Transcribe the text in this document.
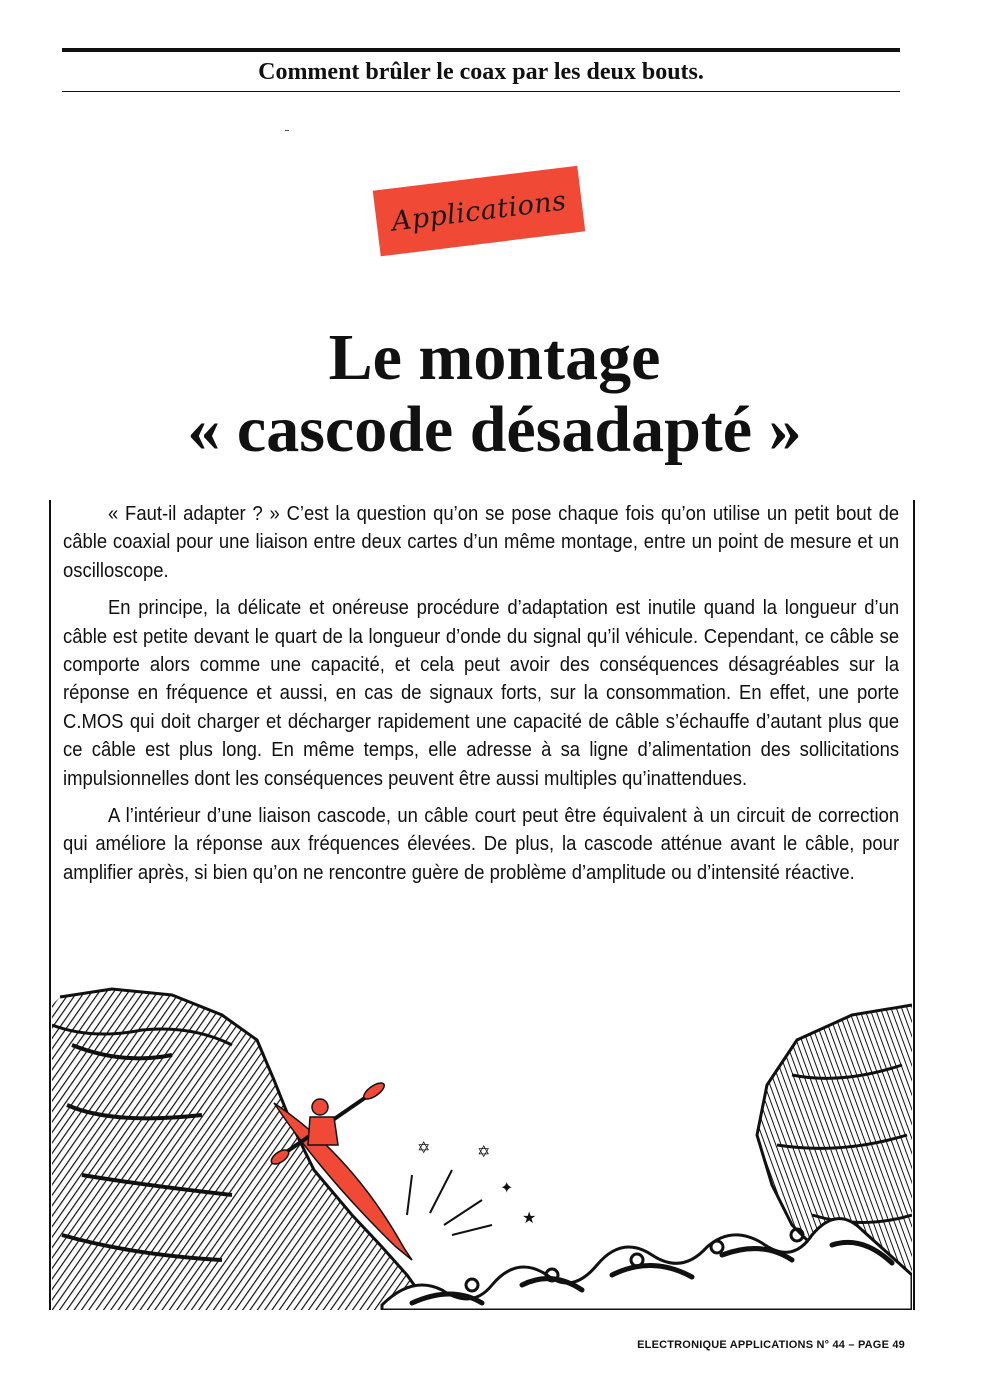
Comment brûler le coax par les deux bouts.
Applications
Le montage
« cascode désadapté »

« Faut-il adapter ? » C’est la question qu’on se pose chaque fois qu’on utilise un petit bout de câble coaxial pour une liaison entre deux cartes d’un même montage, entre un point de mesure et un oscilloscope.

En principe, la délicate et onéreuse procédure d’adaptation est inutile quand la longueur d’un câble est petite devant le quart de la longueur d’onde du signal qu’il véhicule. Cependant, ce câble se comporte alors comme une capacité, et cela peut avoir des conséquences désagréables sur la réponse en fréquence et aussi, en cas de signaux forts, sur la consommation. En effet, une porte C.MOS qui doit charger et décharger rapidement une capacité de câble s’échauffe d’autant plus que ce câble est plus long. En même temps, elle adresse à sa ligne d’alimentation des sollicitations impulsionnelles dont les conséquences peuvent être aussi multiples qu’inattendues.

A l’intérieur d’une liaison cascode, un câble court peut être équivalent à un circuit de correction qui améliore la réponse aux fréquences élevées. De plus, la cascode atténue avant le câble, pour amplifier après, si bien qu’on ne rencontre guère de problème d’amplitude ou d’intensité réactive.

✡	✡
✦
★
ELECTRONIQUE APPLICATIONS N° 44 – PAGE 49
